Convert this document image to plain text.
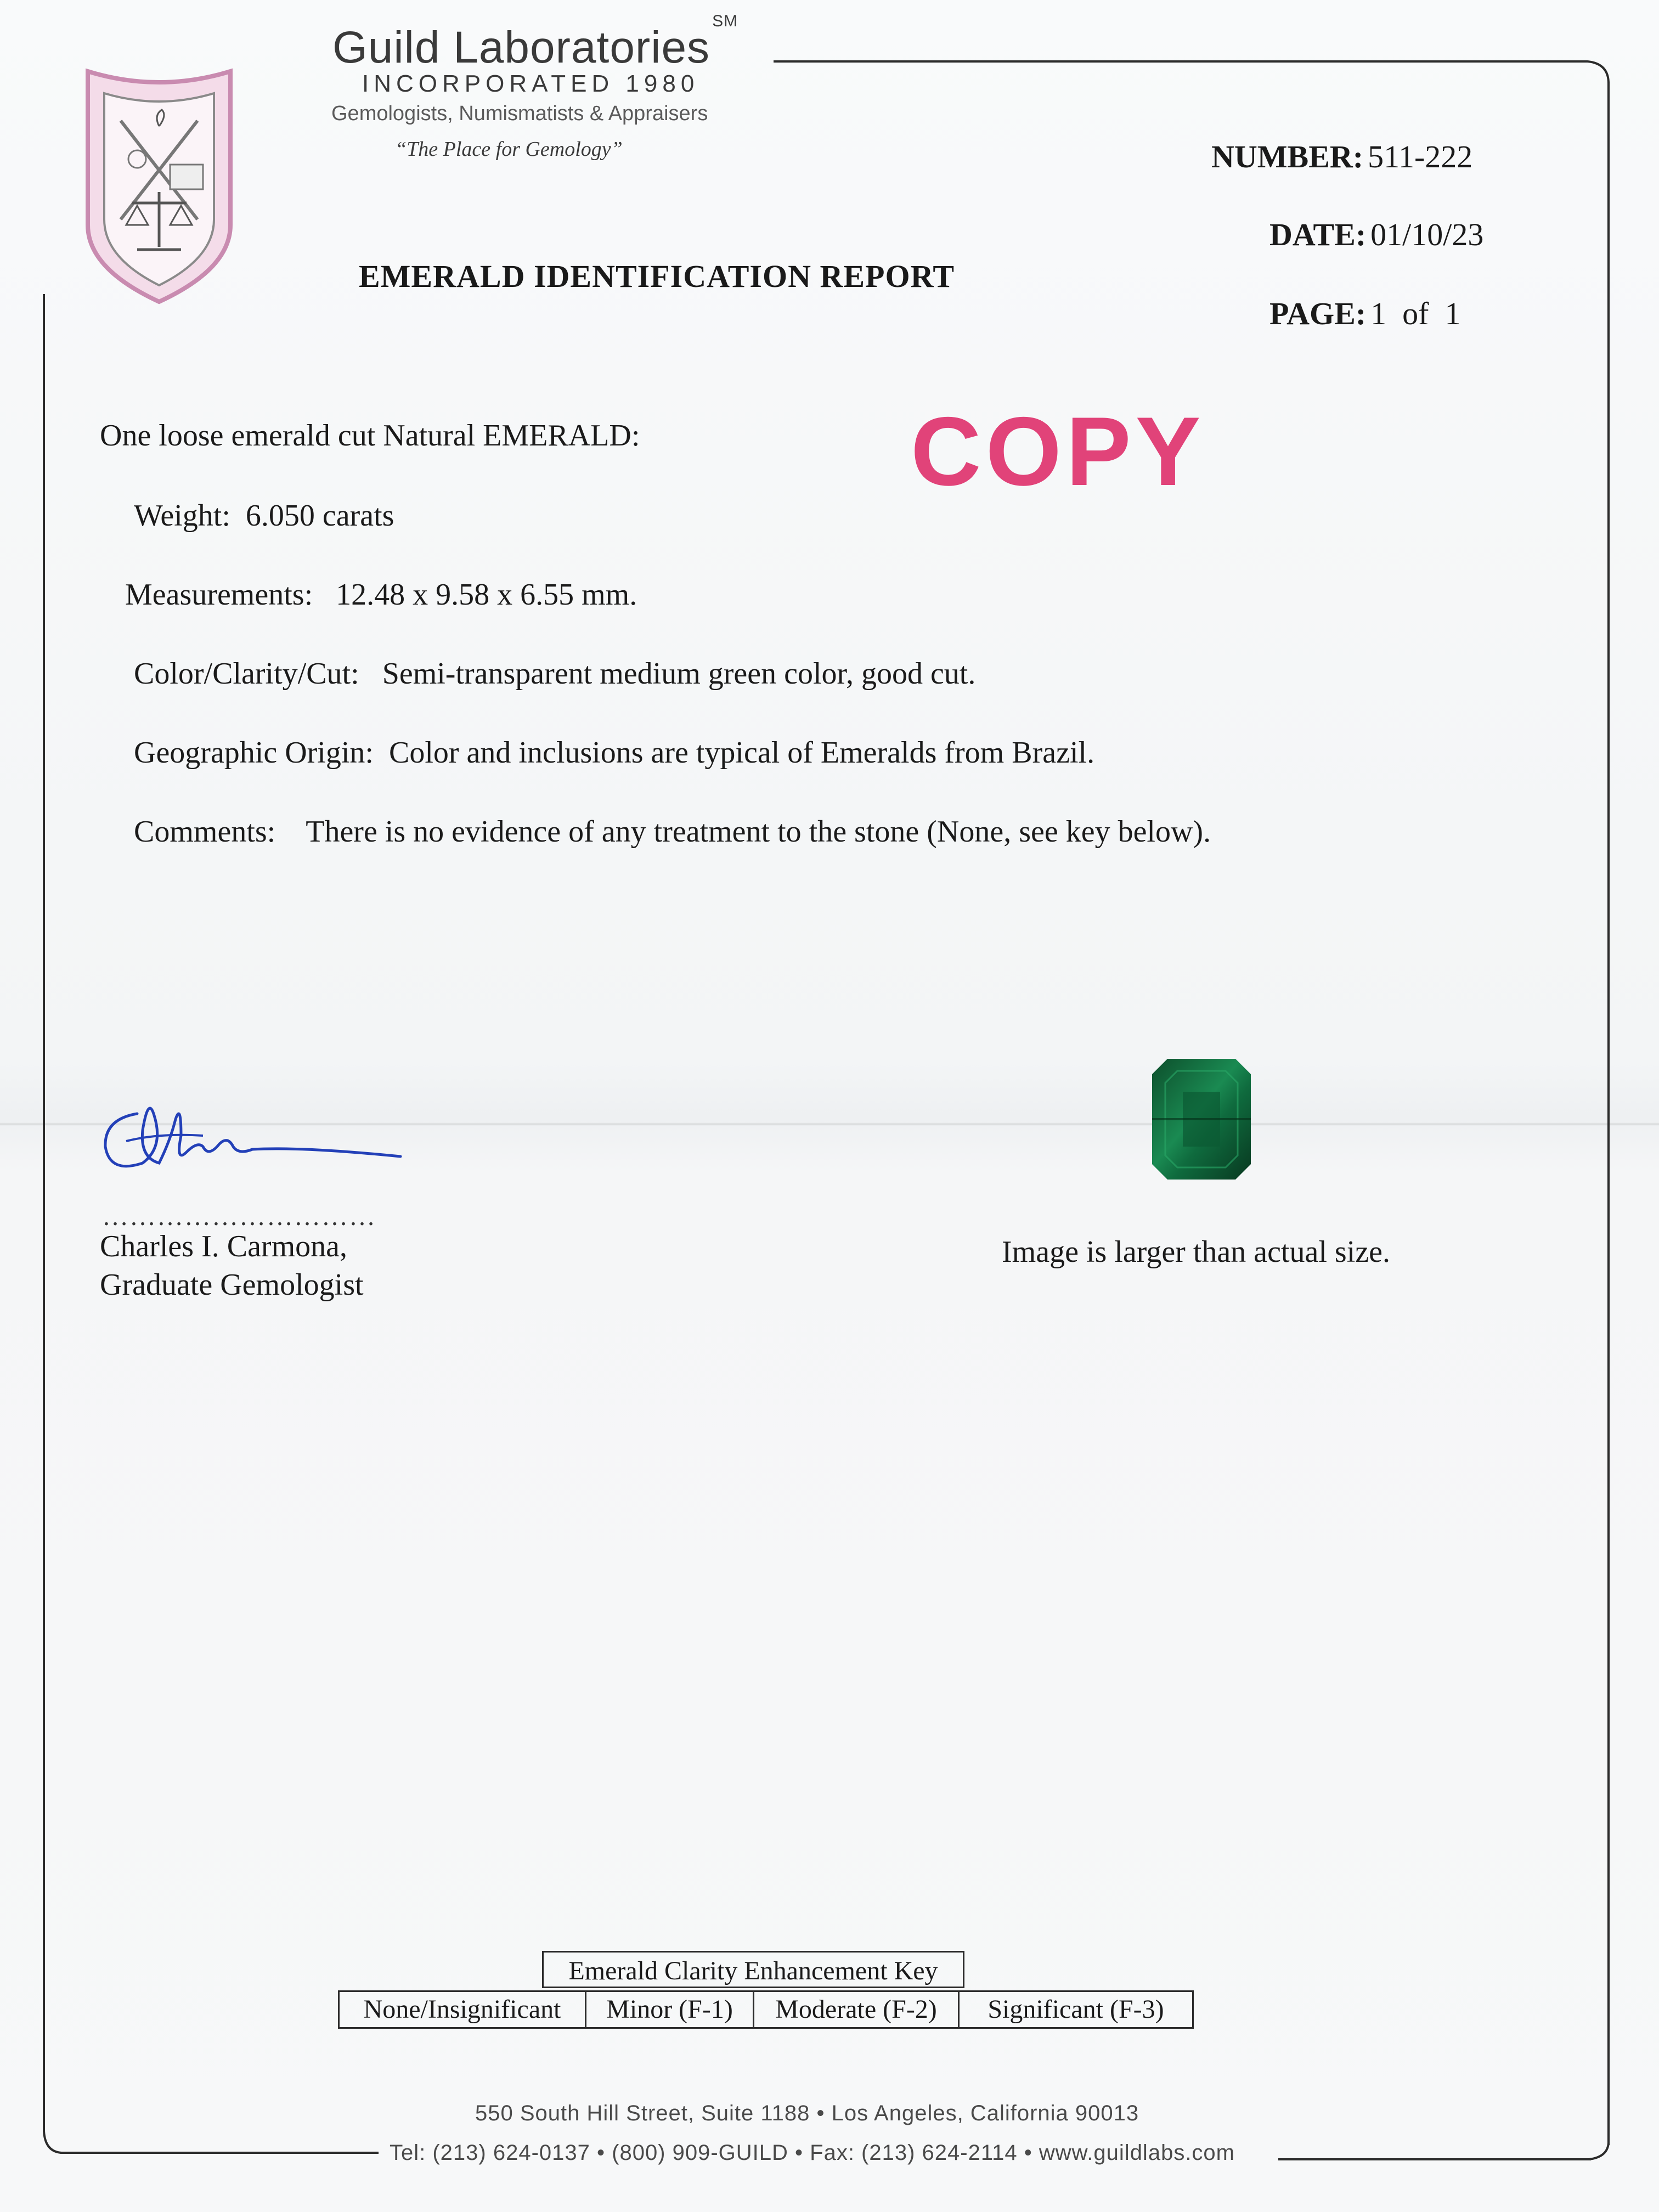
Guild Laboratories℠
INCORPORATED 1980
Gemologists, Numismatists & Appraisers
“The Place for Gemology”	NUMBER: 511-222
DATE: 01/10/23
PAGE: 1  of  1
EMERALD IDENTIFICATION REPORT
COPY
One loose emerald cut Natural EMERALD:
Weight: 6.050 carats
Measurements: 12.48 x 9.58 x 6.55 mm.
Color/Clarity/Cut: Semi-transparent medium green color, good cut.
Geographic Origin: Color and inclusions are typical of Emeralds from Brazil.
Comments: There is no evidence of any treatment to the stone (None, see key below).
…………………………
Charles I. Carmona,
Graduate Gemologist
Image is larger than actual size.
Emerald Clarity Enhancement Key
None/Insignificant	Minor (F-1)	Moderate (F-2)	Significant (F-3)
550 South Hill Street, Suite 1188 • Los Angeles, California 90013
Tel: (213) 624-0137 • (800) 909-GUILD • Fax: (213) 624-2114 • www.guildlabs.com
